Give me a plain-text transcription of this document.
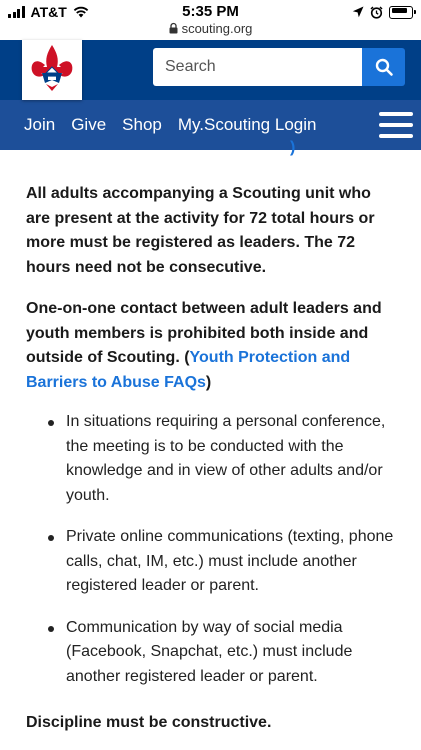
AT&T	5:35 PM
scouting.org
Search
Join Give Shop My.Scouting Login
)

All adults accompanying a Scouting unit who are present at the activity for 72 total hours or more must be registered as leaders. The 72 hours need not be consecutive.

One-on-one contact between adult leaders and youth members is prohibited both inside and outside of Scouting. (Youth Protection and Barriers to Abuse FAQs)

In situations requiring a personal conference, the meeting is to be conducted with the knowledge and in view of other adults and/or youth.
Private online communications (texting, phone calls, chat, IM, etc.) must include another registered leader or parent.
Communication by way of social media (Facebook, Snapchat, etc.) must include another registered leader or parent.
Discipline must be constructive.
